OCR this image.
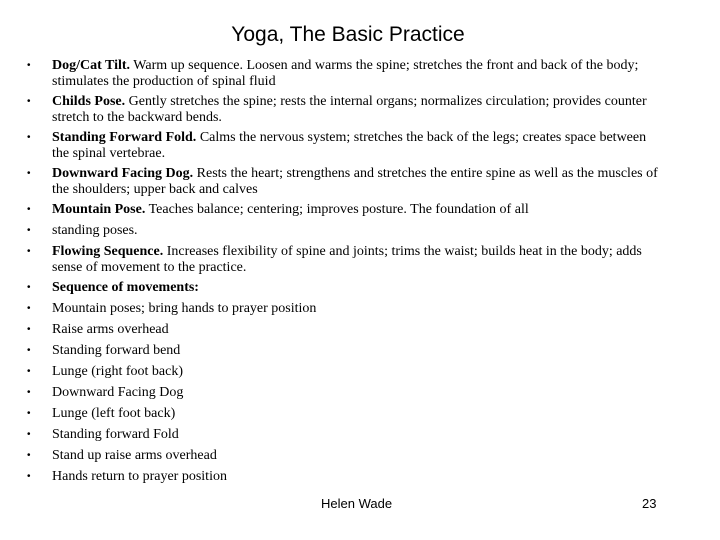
Yoga, The Basic Practice
• Dog/Cat Tilt. Warm up sequence. Loosen and warms the spine; stretches the front and back of the body; stimulates the production of spinal fluid
• Childs Pose. Gently stretches the spine; rests the internal organs; normalizes circulation; provides counter stretch to the backward bends.
• Standing Forward Fold. Calms the nervous system; stretches the back of the legs; creates space between the spinal vertebrae.
• Downward Facing Dog. Rests the heart; strengthens and stretches the entire spine as well as the muscles of the shoulders; upper back and calves
• Mountain Pose. Teaches balance; centering; improves posture. The foundation of all
• standing poses.
• Flowing Sequence. Increases flexibility of spine and joints; trims the waist; builds heat in the body; adds sense of movement to the practice.
• Sequence of movements:
• Mountain poses; bring hands to prayer position
• Raise arms overhead
• Standing forward bend
• Lunge (right foot back)
• Downward Facing Dog
• Lunge (left foot back)
• Standing forward Fold
• Stand up raise arms overhead
• Hands return to prayer position
Helen Wade	23
